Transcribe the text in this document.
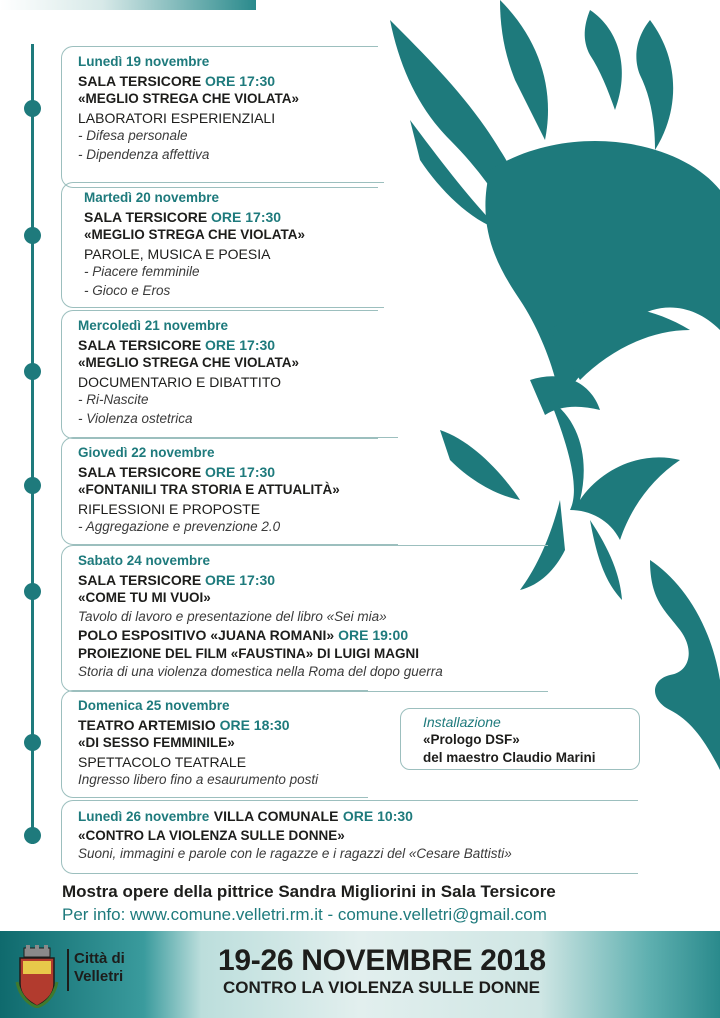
Lunedì 19 novembre
SALA TERSICORE ORE 17:30
«MEGLIO STREGA CHE VIOLATA»
LABORATORI ESPERIENZIALI
- Difesa personale
- Dipendenza affettiva
Martedì 20 novembre
SALA TERSICORE ORE 17:30
«MEGLIO STREGA CHE VIOLATA»
PAROLE, MUSICA E POESIA
- Piacere femminile
- Gioco e Eros
Mercoledì 21 novembre
SALA TERSICORE ORE 17:30
«MEGLIO STREGA CHE VIOLATA»
DOCUMENTARIO E DIBATTITO
- Ri-Nascite
- Violenza ostetrica
Giovedì 22 novembre
SALA TERSICORE ORE 17:30
«FONTANILI TRA STORIA E ATTUALITÀ»
RIFLESSIONI E PROPOSTE
- Aggregazione e prevenzione 2.0
Sabato 24 novembre
SALA TERSICORE ORE 17:30
«COME TU MI VUOI»
Tavolo di lavoro e presentazione del libro «Sei mia»
POLO ESPOSITIVO «JUANA ROMANI» ORE 19:00
PROIEZIONE DEL FILM «FAUSTINA» DI LUIGI MAGNI
Storia di una violenza domestica nella Roma del dopo guerra
Domenica 25 novembre
TEATRO ARTEMISIO ORE 18:30
«DI SESSO FEMMINILE»
SPETTACOLO TEATRALE
Ingresso libero fino a esaurumento posti
Installazione
«Prologo DSF»
del maestro Claudio Marini
Lunedì 26 novembre VILLA COMUNALE ORE 10:30
«CONTRO LA VIOLENZA SULLE DONNE»
Suoni, immagini e parole con le ragazze e i ragazzi del «Cesare Battisti»
Mostra opere della pittrice Sandra Migliorini in Sala Tersicore
Per info: www.comune.velletri.rm.it - comune.velletri@gmail.com
Città di
Velletri	19-26 NOVEMBRE 2018
CONTRO LA VIOLENZA SULLE DONNE
